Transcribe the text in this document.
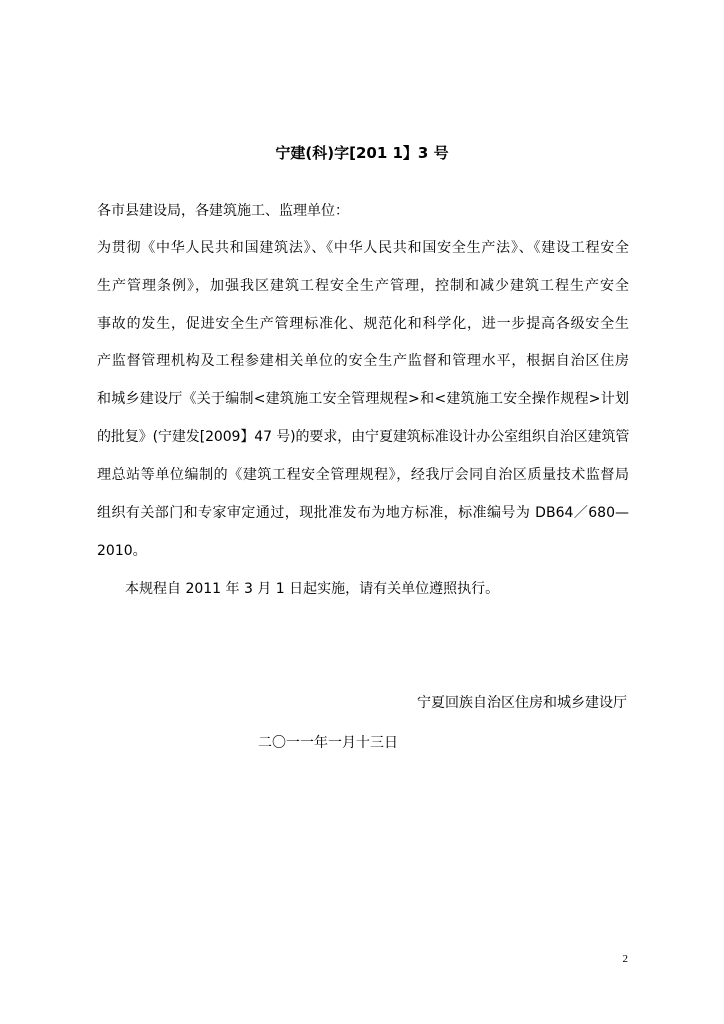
宁建(科)字[201 1】3 号
各市县建设局，各建筑施工、监理单位：
为贯彻《中华人民共和国建筑法》、《中华人民共和国安全生产法》、《建设工程安全
生产管理条例》，加强我区建筑工程安全生产管理，控制和减少建筑工程生产安全
事故的发生，促进安全生产管理标准化、规范化和科学化，进一步提高各级安全生
产监督管理机构及工程参建相关单位的安全生产监督和管理水平，根据自治区住房
和城乡建设厅《关于编制<建筑施工安全管理规程>和<建筑施工安全操作规程>计划
的批复》(宁建发[2009】47 号)的要求，由宁夏建筑标准设计办公室组织自治区建筑管
理总站等单位编制的《建筑工程安全管理规程》，经我厅会同自治区质量技术监督局
组织有关部门和专家审定通过，现批准发布为地方标准，标准编号为 DB64／680—
2010。
本规程自 2011 年 3 月 1 日起实施，请有关单位遵照执行。
宁夏回族自治区住房和城乡建设厅
二〇一一年一月十三日
2
